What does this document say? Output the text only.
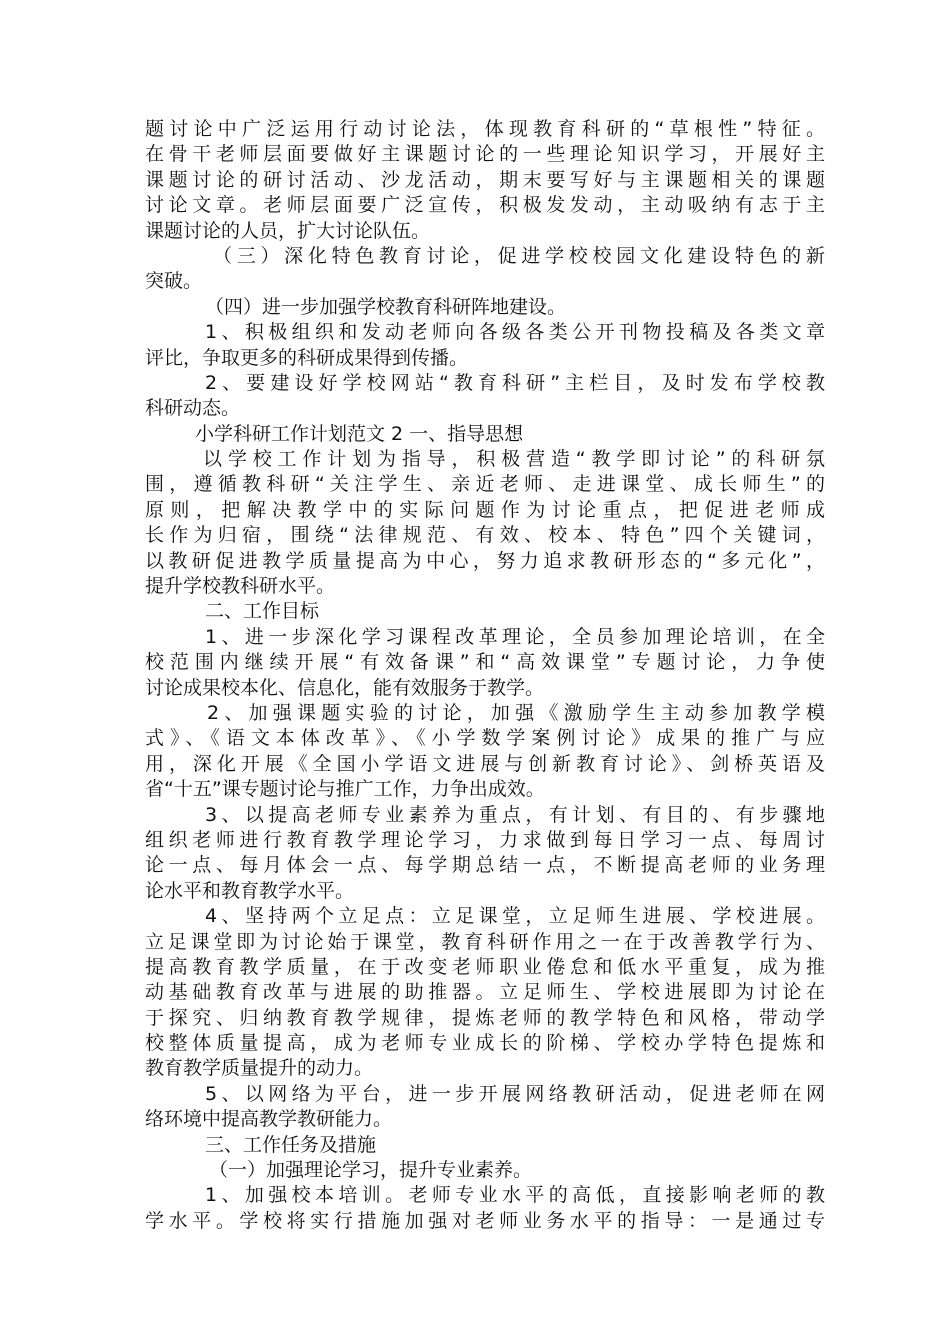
题讨论中广泛运用行动讨论法，体现教育科研的“草根性”特征。
在骨干老师层面要做好主课题讨论的一些理论知识学习，开展好主
课题讨论的研讨活动、沙龙活动，期末要写好与主课题相关的课题
讨论文章。老师层面要广泛宣传，积极发发动，主动吸纳有志于主
课题讨论的人员，扩大讨论队伍。
（三）深化特色教育讨论，促进学校校园文化建设特色的新
突破。
（四）进一步加强学校教育科研阵地建设。
1、积极组织和发动老师向各级各类公开刊物投稿及各类文章
评比，争取更多的科研成果得到传播。
2、要建设好学校网站“教育科研”主栏目，及时发布学校教
科研动态。
小学科研工作计划范文 2 一、指导思想
以学校工作计划为指导，积极营造“教学即讨论”的科研氛
围，遵循教科研“关注学生、亲近老师、走进课堂、成长师生”的
原则，把解决教学中的实际问题作为讨论重点，把促进老师成
长作为归宿，围绕“法律规范、有效、校本、特色”四个关键词，
以教研促进教学质量提高为中心，努力追求教研形态的“多元化”，
提升学校教科研水平。
二、工作目标
1、进一步深化学习课程改革理论，全员参加理论培训，在全
校范围内继续开展“有效备课”和“高效课堂”专题讨论，力争使
讨论成果校本化、信息化，能有效服务于教学。
2、加强课题实验的讨论，加强《激励学生主动参加教学模
式》、《语文本体改革》、《小学数学案例讨论》成果的推广与应
用，深化开展《全国小学语文进展与创新教育讨论》、剑桥英语及
省“十五”课专题讨论与推广工作，力争出成效。
3、以提高老师专业素养为重点，有计划、有目的、有步骤地
组织老师进行教育教学理论学习，力求做到每日学习一点、每周讨
论一点、每月体会一点、每学期总结一点，不断提高老师的业务理
论水平和教育教学水平。
4、坚持两个立足点：立足课堂，立足师生进展、学校进展。
立足课堂即为讨论始于课堂，教育科研作用之一在于改善教学行为、
提高教育教学质量，在于改变老师职业倦怠和低水平重复，成为推
动基础教育改革与进展的助推器。立足师生、学校进展即为讨论在
于探究、归纳教育教学规律，提炼老师的教学特色和风格，带动学
校整体质量提高，成为老师专业成长的阶梯、学校办学特色提炼和
教育教学质量提升的动力。
5、以网络为平台，进一步开展网络教研活动，促进老师在网
络环境中提高教学教研能力。
三、工作任务及措施
（一）加强理论学习，提升专业素养。
1、加强校本培训。老师专业水平的高低，直接影响老师的教
学水平。学校将实行措施加强对老师业务水平的指导：一是通过专
